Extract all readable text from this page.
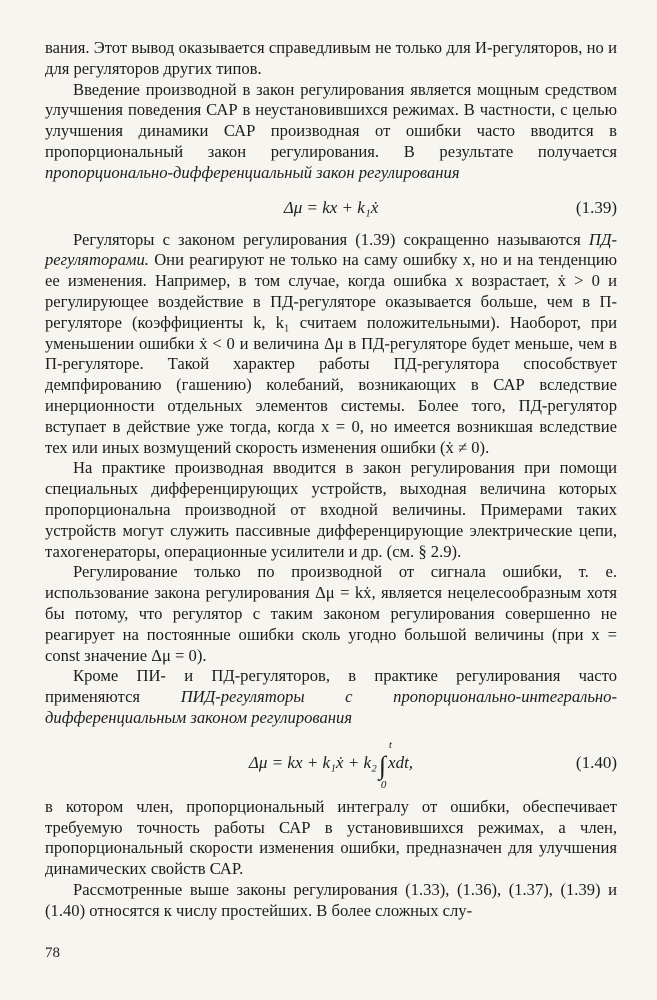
вания. Этот вывод оказывается справедливым не только для И-регуляторов, но и для регуляторов других типов.

Введение производной в закон регулирования является мощным средством улучшения поведения САР в неустановившихся режимах. В частности, с целью улучшения динамики САР производная от ошибки часто вводится в пропорциональный закон регулирования. В результате получается пропорционально-дифференциальный закон регулирования

Δμ = kx + k₁ẋ	(1.39)

Регуляторы с законом регулирования (1.39) сокращенно называются ПД-регуляторами. Они реагируют не только на саму ошибку x, но и на тенденцию ее изменения. Например, в том случае, когда ошибка x возрастает, ẋ > 0 и регулирующее воздействие в ПД-регуляторе оказывается больше, чем в П-регуляторе (коэффициенты k, k₁ считаем положительными). Наоборот, при уменьшении ошибки ẋ < 0 и величина Δμ в ПД-регуляторе будет меньше, чем в П-регуляторе. Такой характер работы ПД-регулятора способствует демпфированию (гашению) колебаний, возникающих в САР вследствие инерционности отдельных элементов системы. Более того, ПД-регулятор вступает в действие уже тогда, когда x = 0, но имеется возникшая вследствие тех или иных возмущений скорость изменения ошибки (ẋ ≠ 0).

На практике производная вводится в закон регулирования при помощи специальных дифференцирующих устройств, выходная величина которых пропорциональна производной от входной величины. Примерами таких устройств могут служить пассивные дифференцирующие электрические цепи, тахогенераторы, операционные усилители и др. (см. § 2.9).

Регулирование только по производной от сигнала ошибки, т. е. использование закона регулирования Δμ = kẋ, является нецелесообразным хотя бы потому, что регулятор с таким законом регулирования совершенно не реагирует на постоянные ошибки сколь угодно большой величины (при x = const значение Δμ = 0).

Кроме ПИ- и ПД-регуляторов, в практике регулирования часто применяются ПИД-регуляторы с пропорционально-интегрально-дифференциальным законом регулирования

Δμ = kx + k₁ẋ + k₂∫
t
0
xdt,	(1.40)

в котором член, пропорциональный интегралу от ошибки, обеспечивает требуемую точность работы САР в установившихся режимах, а член, пропорциональный скорости изменения ошибки, предназначен для улучшения динамических свойств САР.

Рассмотренные выше законы регулирования (1.33), (1.36), (1.37), (1.39) и (1.40) относятся к числу простейших. В более сложных слу-

78
